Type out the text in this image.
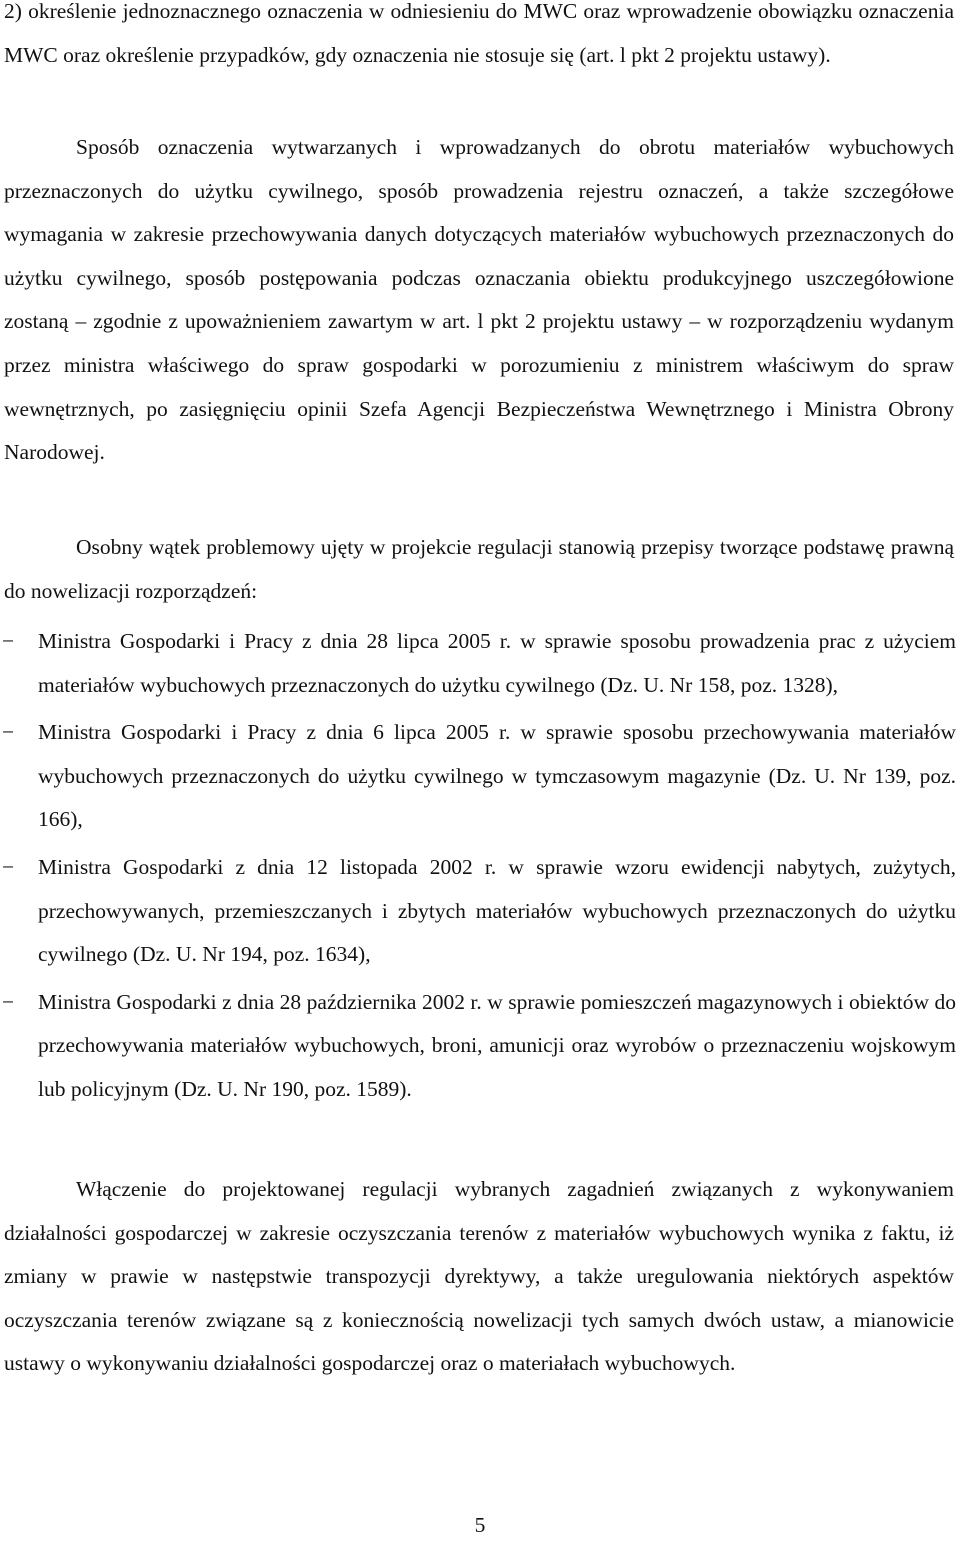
2) określenie jednoznacznego oznaczenia w odniesieniu do MWC oraz wprowadzenie obowiązku oznaczenia MWC oraz określenie przypadków, gdy oznaczenia nie stosuje się (art. l pkt 2 projektu ustawy).

Sposób oznaczenia wytwarzanych i wprowadzanych do obrotu materiałów wybuchowych przeznaczonych do użytku cywilnego, sposób prowadzenia rejestru oznaczeń, a także szczegółowe wymagania w zakresie przechowywania danych dotyczących materiałów wybuchowych przeznaczonych do użytku cywilnego, sposób postępowania podczas oznaczania obiektu produkcyjnego uszczegółowione zostaną – zgodnie z upoważnieniem zawartym w art. l pkt 2 projektu ustawy – w rozporządzeniu wydanym przez ministra właściwego do spraw gospodarki w porozumieniu z ministrem właściwym do spraw wewnętrznych, po zasięgnięciu opinii Szefa Agencji Bezpieczeństwa Wewnętrznego i Ministra Obrony Narodowej.

Osobny wątek problemowy ujęty w projekcie regulacji stanowią przepisy tworzące podstawę prawną do nowelizacji rozporządzeń:

−	Ministra Gospodarki i Pracy z dnia 28 lipca 2005 r. w sprawie sposobu prowadzenia prac z użyciem materiałów wybuchowych przeznaczonych do użytku cywilnego (Dz. U. Nr 158, poz. 1328),
−	Ministra Gospodarki i Pracy z dnia 6 lipca 2005 r. w sprawie sposobu przechowywania materiałów wybuchowych przeznaczonych do użytku cywilnego w tymczasowym magazynie (Dz. U. Nr 139, poz. 166),
−	Ministra Gospodarki z dnia 12 listopada 2002 r. w sprawie wzoru ewidencji nabytych, zużytych, przechowywanych, przemieszczanych i zbytych materiałów wybuchowych przeznaczonych do użytku cywilnego (Dz. U. Nr 194, poz. 1634),
−	Ministra Gospodarki z dnia 28 października 2002 r. w sprawie pomieszczeń magazynowych i obiektów do przechowywania materiałów wybuchowych, broni, amunicji oraz wyrobów o przeznaczeniu wojskowym lub policyjnym (Dz. U. Nr 190, poz. 1589).

Włączenie do projektowanej regulacji wybranych zagadnień związanych z wykonywaniem działalności gospodarczej w zakresie oczyszczania terenów z materiałów wybuchowych wynika z faktu, iż zmiany w prawie w następstwie transpozycji dyrektywy, a także uregulowania niektórych aspektów oczyszczania terenów związane są z koniecznością nowelizacji tych samych dwóch ustaw, a mianowicie ustawy o wykonywaniu działalności gospodarczej oraz o materiałach wybuchowych.

5
